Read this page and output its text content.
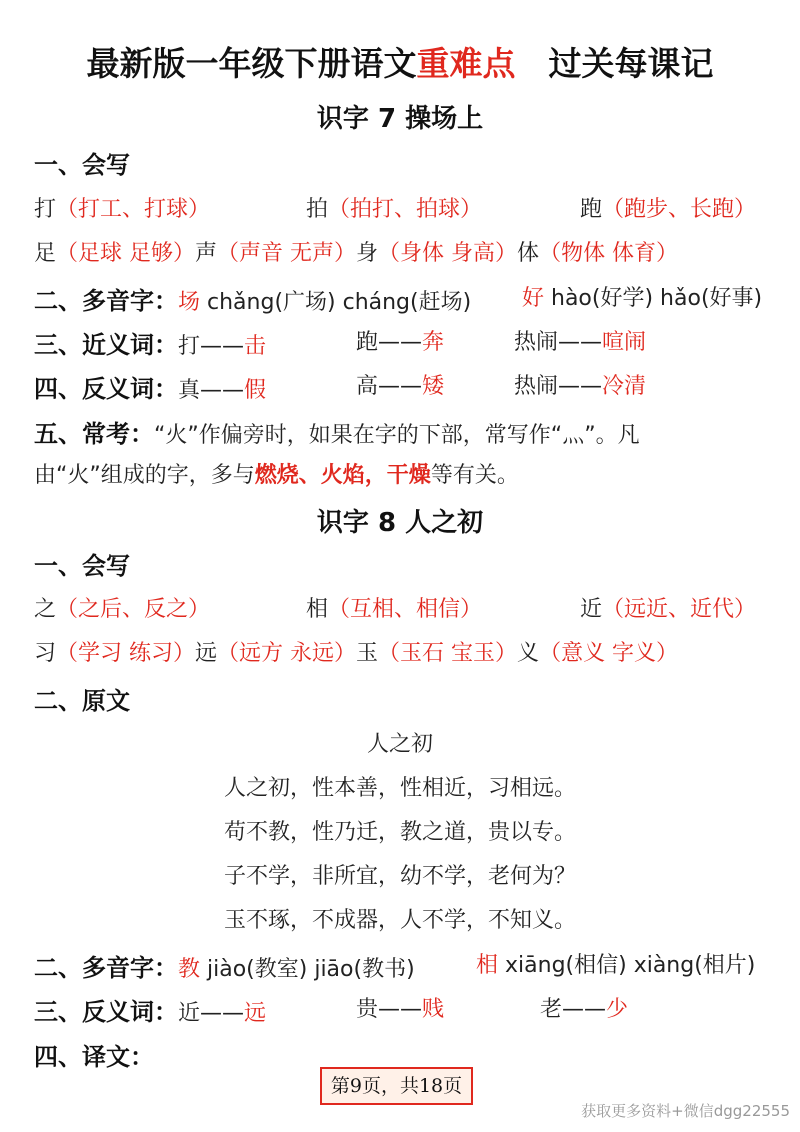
最新版一年级下册语文重难点　过关每课记
识字 7 操场上
一、会写
打（打工、打球）	拍（拍打、拍球）	跑（跑步、长跑）
足（足球 足够）声（声音 无声）身（身体 身高）体（物体 体育）
二、多音字：场 chǎng(广场) cháng(赶场) 好 hào(好学) hǎo(好事)
三、近义词：打——击	跑——奔	热闹——喧闹
四、反义词：真——假	高——矮	热闹——冷清
五、常考：“火”作偏旁时，如果在字的下部，常写作“灬”。凡
由“火”组成的字，多与燃烧、火焰，干燥等有关。
识字 8 人之初
一、会写
之（之后、反之）	相（互相、相信）	近（远近、近代）
习（学习 练习）远（远方 永远）玉（玉石 宝玉）义（意义 字义）
二、原文
人之初
人之初，性本善，性相近，习相远。
苟不教，性乃迁，教之道，贵以专。
子不学，非所宜，幼不学，老何为？
玉不琢，不成器，人不学，不知义。
二、多音字：教 jiào(教室) jiāo(教书)	相 xiāng(相信) xiàng(相片)
三、反义词：近——远	贵——贱	老——少
四、译文：
第9页，共18页
获取更多资料+微信dgg22555
